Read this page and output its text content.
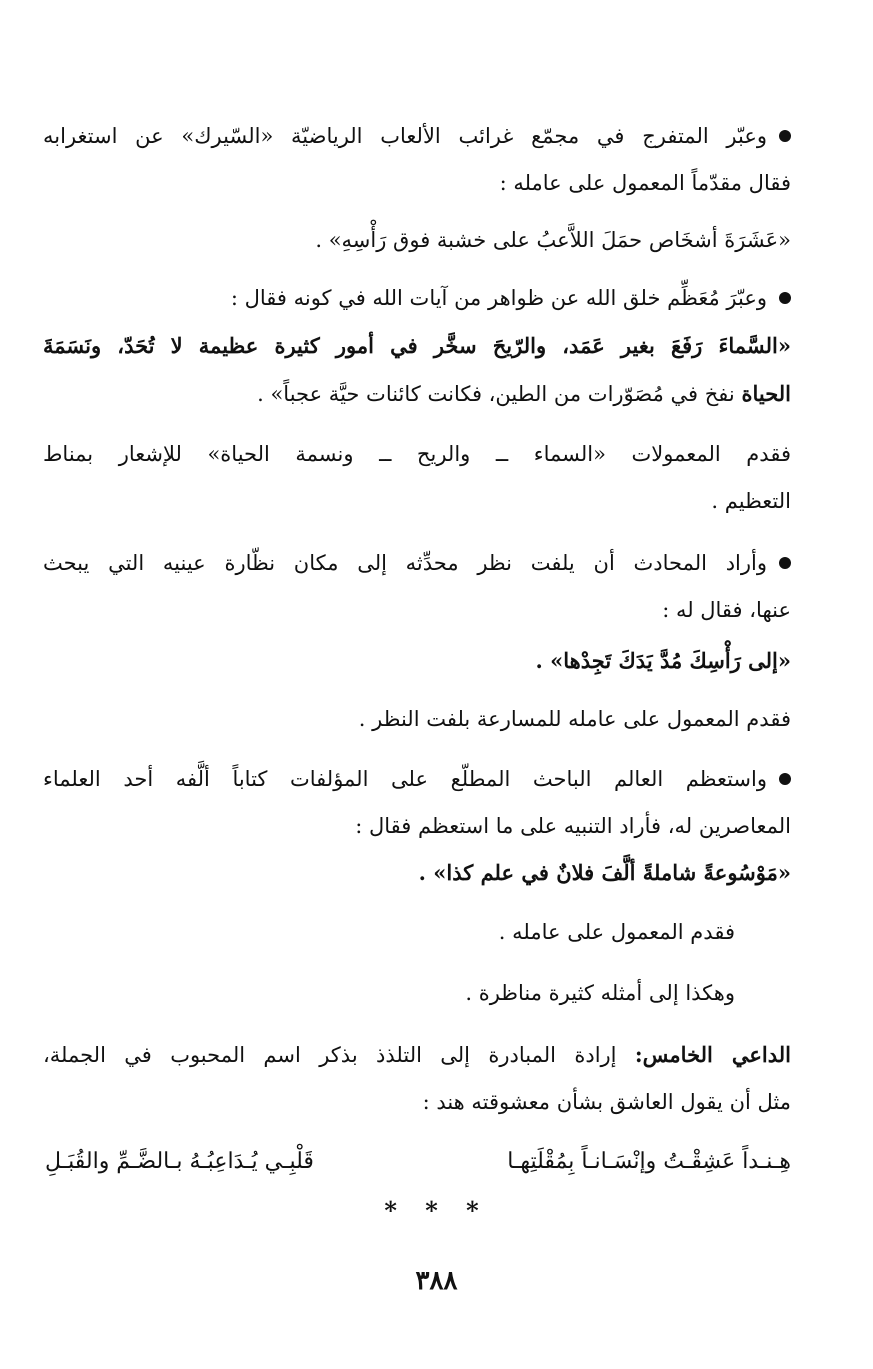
وعبّر المتفرج في مجمّع غرائب الألعاب الرياضيّة «السّيرك» عن استغرابه
فقال مقدّماً المعمول على عامله :
«عَشَرَةَ أشخَاص حمَلَ اللاَّعبُ على خشبة فوق رَأْسِهِ» .
وعبّرَ مُعَظِّم خلق الله عن ظواهر من آيات الله في كونه فقال :
«السَّماءَ رَفَعَ بغير عَمَد، والرّيحَ سخَّر في أمور كثيرة عظيمة لا تُحَدّ، ونَسَمَةَ
الحياة نفخ في مُصَوّرات من الطين، فكانت كائنات حيَّة عجباً» .
فقدم المعمولات «السماء ــ والريح ــ ونسمة الحياة» للإشعار بمناط
التعظيم .
وأراد المحادث أن يلفت نظر محدِّثه إلى مكان نظّارة عينيه التي يبحث
عنها، فقال له :
«إلى رَأْسِكَ مُدَّ يَدَكَ تَجِدْها» .
فقدم المعمول على عامله للمسارعة بلفت النظر .
واستعظم العالم الباحث المطلّع على المؤلفات كتاباً ألَّفه أحد العلماء
المعاصرين له، فأراد التنبيه على ما استعظم فقال :
«مَوْسُوعةً شاملةً ألَّفَ فلانٌ في علم كذا» .
فقدم المعمول على عامله .
وهكذا إلى أمثله كثيرة مناظرة .
الداعي الخامس: إرادة المبادرة إلى التلذذ بذكر اسم المحبوب في الجملة،
مثل أن يقول العاشق بشأن معشوقته هند :
هِـنـداً عَشِقْـتُ وإنْسَـانـاً بِمُقْلَتِهـا
قَلْبِـي يُـدَاعِبُـهُ بـالضَّـمِّ والقُبَـلِ
* * *
٣٨٨
